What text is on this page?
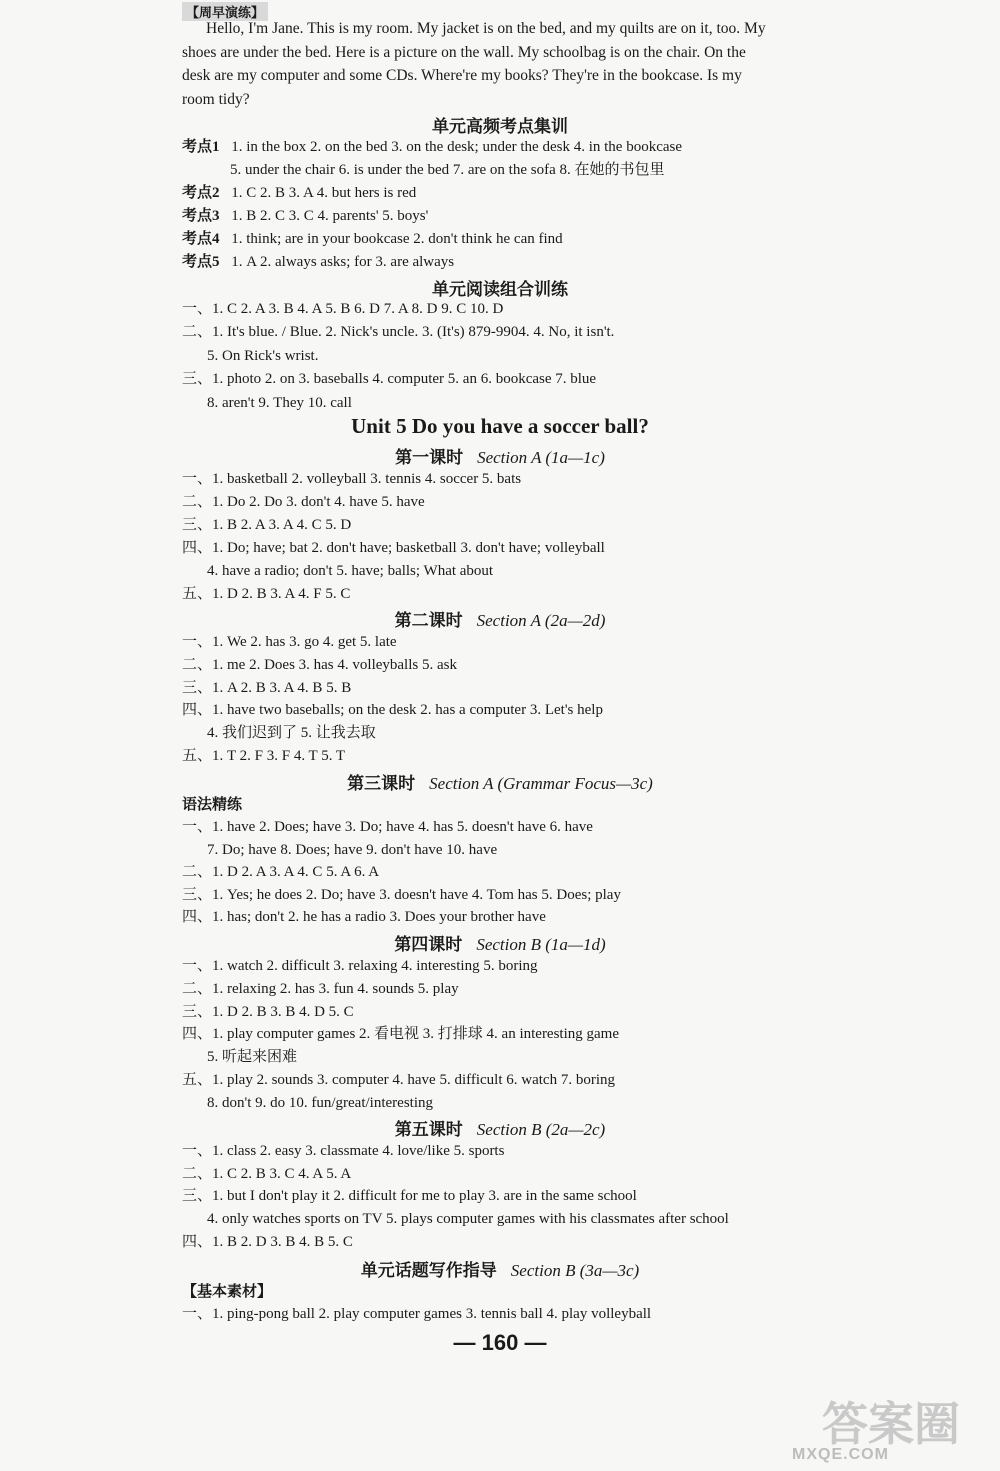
【周早演练】

Hello, I'm Jane. This is my room. My jacket is on the bed, and my quilts are on it, too. My shoes are under the bed. Here is a picture on the wall. My schoolbag is on the chair. On the desk are my computer and some CDs. Where're my books? They're in the bookcase. Is my room tidy?

单元高频考点集训
考点1 1. in the box 2. on the bed 3. on the desk; under the desk 4. in the bookcase
5. under the chair 6. is under the bed 7. are on the sofa 8. 在她的书包里
考点2 1. C 2. B 3. A 4. but hers is red
考点3 1. B 2. C 3. C 4. parents' 5. boys'
考点4 1. think; are in your bookcase 2. don't think he can find
考点5 1. A 2. always asks; for 3. are always
单元阅读组合训练
一、1. C 2. A 3. B 4. A 5. B 6. D 7. A 8. D 9. C 10. D
二、1. It's blue. / Blue. 2. Nick's uncle. 3. (It's) 879-9904. 4. No, it isn't.
5. On Rick's wrist.
三、1. photo 2. on 3. baseballs 4. computer 5. an 6. bookcase 7. blue
8. aren't 9. They 10. call
Unit 5 Do you have a soccer ball?
第一课时 Section A (1a—1c)
一、1. basketball 2. volleyball 3. tennis 4. soccer 5. bats
二、1. Do 2. Do 3. don't 4. have 5. have
三、1. B 2. A 3. A 4. C 5. D
四、1. Do; have; bat 2. don't have; basketball 3. don't have; volleyball
4. have a radio; don't 5. have; balls; What about
五、1. D 2. B 3. A 4. F 5. C
第二课时 Section A (2a—2d)
一、1. We 2. has 3. go 4. get 5. late
二、1. me 2. Does 3. has 4. volleyballs 5. ask
三、1. A 2. B 3. A 4. B 5. B
四、1. have two baseballs; on the desk 2. has a computer 3. Let's help
4. 我们迟到了 5. 让我去取
五、1. T 2. F 3. F 4. T 5. T
第三课时 Section A (Grammar Focus—3c)
语法精练
一、1. have 2. Does; have 3. Do; have 4. has 5. doesn't have 6. have
7. Do; have 8. Does; have 9. don't have 10. have
二、1. D 2. A 3. A 4. C 5. A 6. A
三、1. Yes; he does 2. Do; have 3. doesn't have 4. Tom has 5. Does; play
四、1. has; don't 2. he has a radio 3. Does your brother have
第四课时 Section B (1a—1d)
一、1. watch 2. difficult 3. relaxing 4. interesting 5. boring
二、1. relaxing 2. has 3. fun 4. sounds 5. play
三、1. D 2. B 3. B 4. D 5. C
四、1. play computer games 2. 看电视 3. 打排球 4. an interesting game
5. 听起来困难
五、1. play 2. sounds 3. computer 4. have 5. difficult 6. watch 7. boring
8. don't 9. do 10. fun/great/interesting
第五课时 Section B (2a—2c)
一、1. class 2. easy 3. classmate 4. love/like 5. sports
二、1. C 2. B 3. C 4. A 5. A
三、1. but I don't play it 2. difficult for me to play 3. are in the same school
4. only watches sports on TV 5. plays computer games with his classmates after school
四、1. B 2. D 3. B 4. B 5. C
单元话题写作指导 Section B (3a—3c)
【基本素材】
一、1. ping-pong ball 2. play computer games 3. tennis ball 4. play volleyball
— 160 —
答案圈
MXQE.COM
